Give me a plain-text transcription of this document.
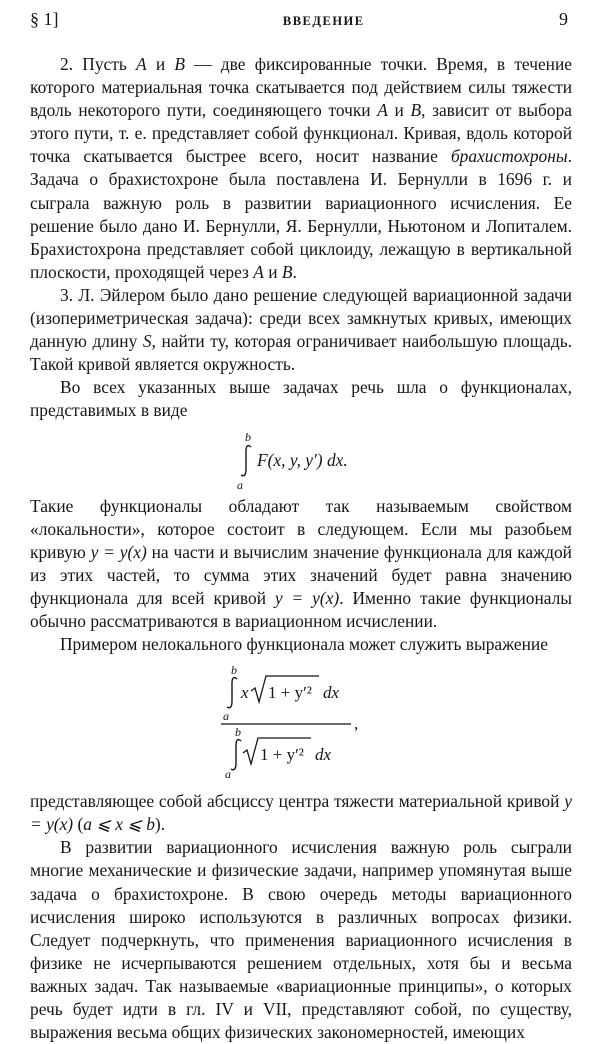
§ 1]	ВВЕДЕНИЕ	9

2. Пусть A и B — две фиксированные точки. Время, в течение которого материальная точка скатывается под действием силы тяжести вдоль некоторого пути, соединяющего точки A и B, зависит от выбора этого пути, т. е. представляет собой функционал. Кривая, вдоль которой точка скатывается быстрее всего, носит название брахистохроны. Задача о брахистохроне была поставлена И. Бернулли в 1696 г. и сыграла важную роль в развитии вариационного исчисления. Ее решение было дано И. Бернулли, Я. Бернулли, Ньютоном и Лопиталем. Брахистохрона представляет собой циклоиду, лежащую в вертикальной плоскости, проходящей через A и B.

3. Л. Эйлером было дано решение следующей вариационной задачи (изопериметрическая задача): среди всех замкнутых кривых, имеющих данную длину S, найти ту, которая ограничивает наибольшую площадь. Такой кривой является окружность.

Во всех указанных выше задачах речь шла о функционалах, представимых в виде

b
F(x, y, y′) dx.
a

Такие функционалы обладают так называемым свойством «локальности», которое состоит в следующем. Если мы разобьем кривую y = y(x) на части и вычислим значение функционала для каждой из этих частей, то сумма этих значений будет равна значению функционала для всей кривой y = y(x). Именно такие функционалы обычно рассматриваются в вариационном исчислении.

Примером нелокального функционала может служить выражение

b
a
x 1 + y′² dx
,
b
a
1 + y′² dx

представляющее собой абсциссу центра тяжести материальной кривой y = y(x) (a ⩽ x ⩽ b).

В развитии вариационного исчисления важную роль сыграли многие механические и физические задачи, например упомянутая выше задача о брахистохроне. В свою очередь методы вариационного исчисления широко используются в различных вопросах физики. Следует подчеркнуть, что применения вариационного исчисления в физике не исчерпываются решением отдельных, хотя бы и весьма важных задач. Так называемые «вариационные принципы», о которых речь будет идти в гл. IV и VII, представляют собой, по существу, выражения весьма общих физических закономерностей, имеющих
